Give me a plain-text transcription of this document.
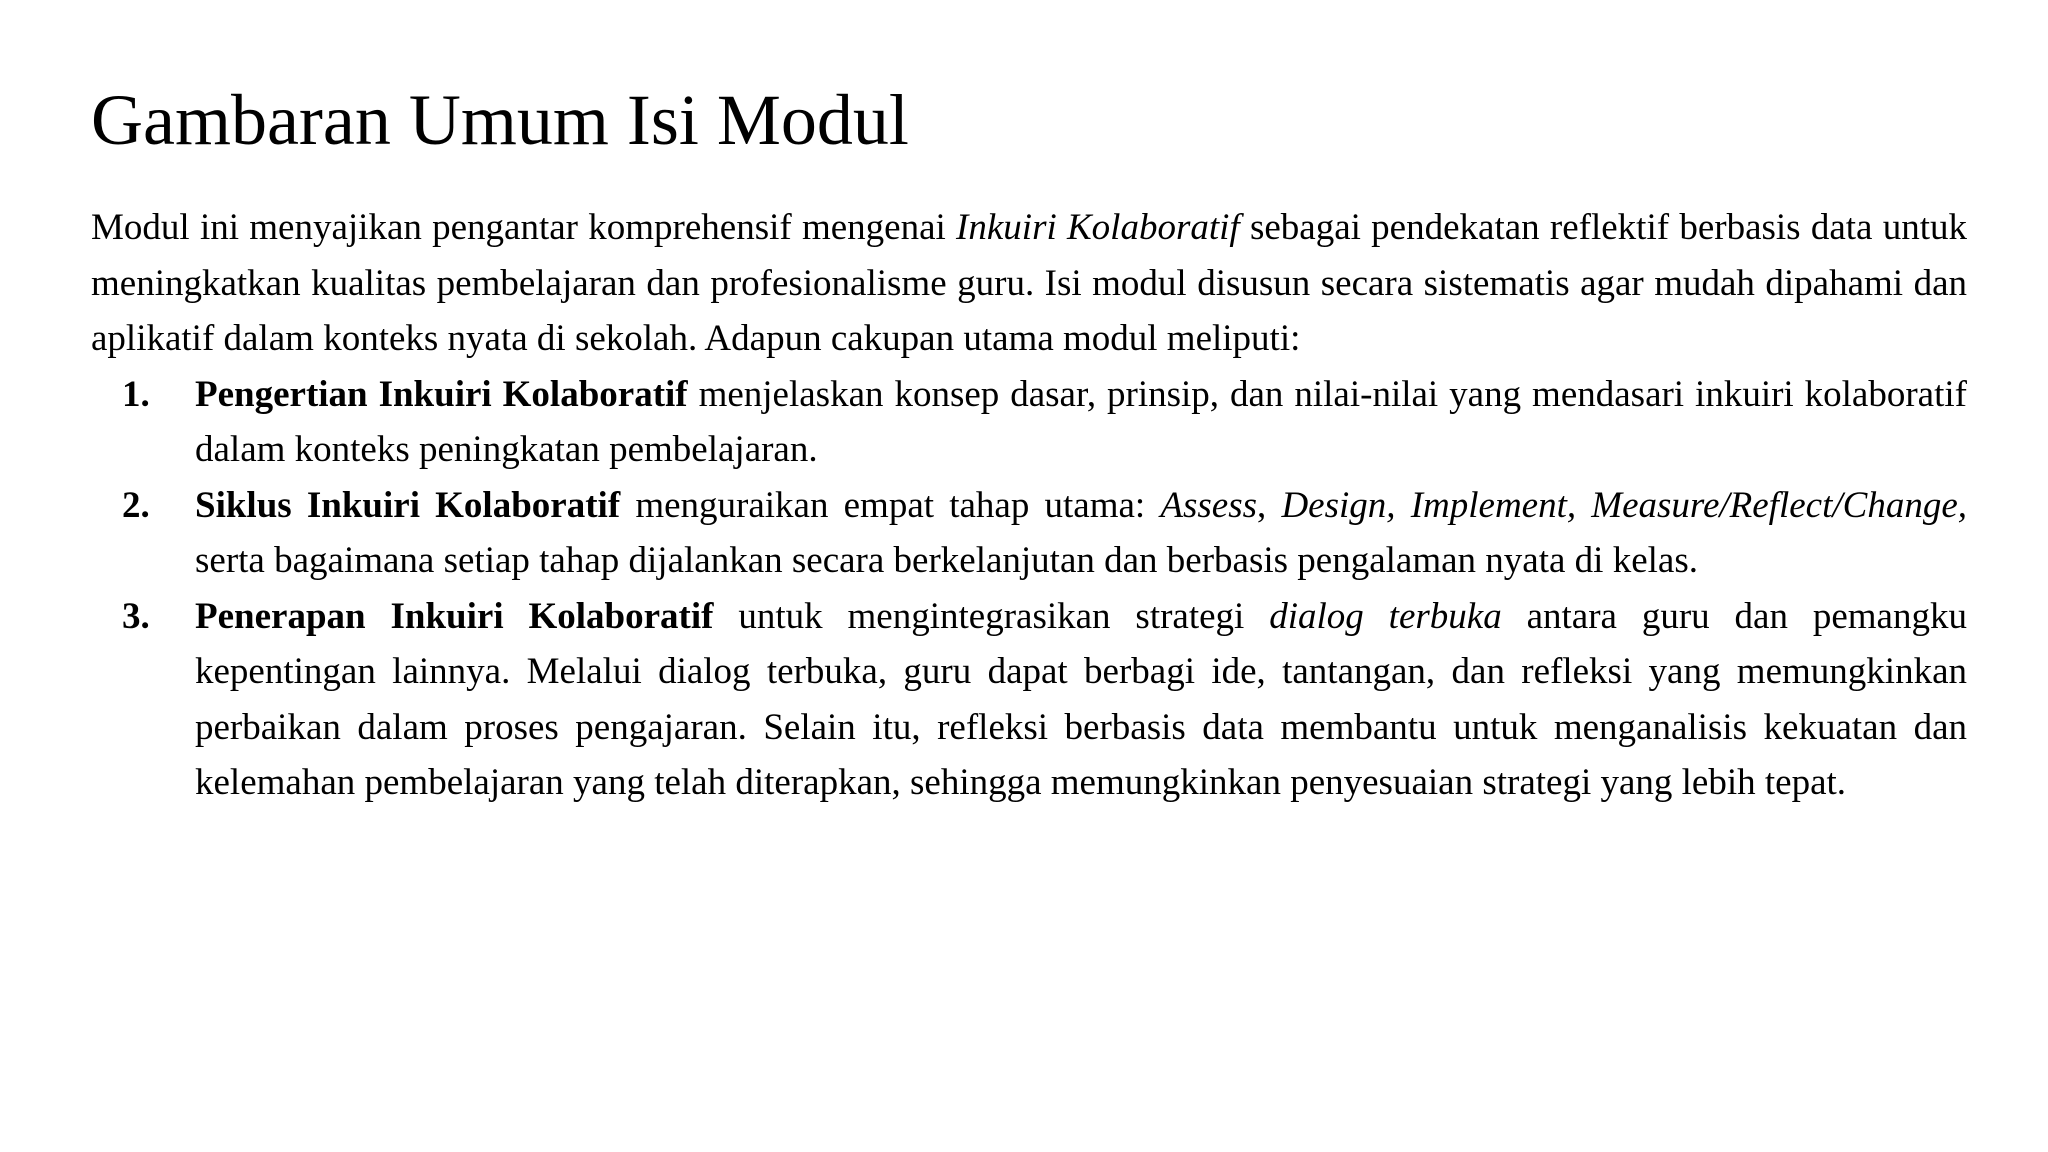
Gambaran Umum Isi Modul

Modul ini menyajikan pengantar komprehensif mengenai Inkuiri Kolaboratif sebagai pendekatan reflektif berbasis data untuk meningkatkan kualitas pembelajaran dan profesionalisme guru. Isi modul disusun secara sistematis agar mudah dipahami dan aplikatif dalam konteks nyata di sekolah. Adapun cakupan utama modul meliputi:

1. Pengertian Inkuiri Kolaboratif menjelaskan konsep dasar, prinsip, dan nilai-nilai yang mendasari inkuiri kolaboratif dalam konteks peningkatan pembelajaran.
2. Siklus Inkuiri Kolaboratif menguraikan empat tahap utama: Assess, Design, Implement, Measure/Reflect/Change, serta bagaimana setiap tahap dijalankan secara berkelanjutan dan berbasis pengalaman nyata di kelas.
3. Penerapan Inkuiri Kolaboratif untuk mengintegrasikan strategi dialog terbuka antara guru dan pemangku kepentingan lainnya. Melalui dialog terbuka, guru dapat berbagi ide, tantangan, dan refleksi yang memungkinkan perbaikan dalam proses pengajaran. Selain itu, refleksi berbasis data membantu untuk menganalisis kekuatan dan kelemahan pembelajaran yang telah diterapkan, sehingga memungkinkan penyesuaian strategi yang lebih tepat.
